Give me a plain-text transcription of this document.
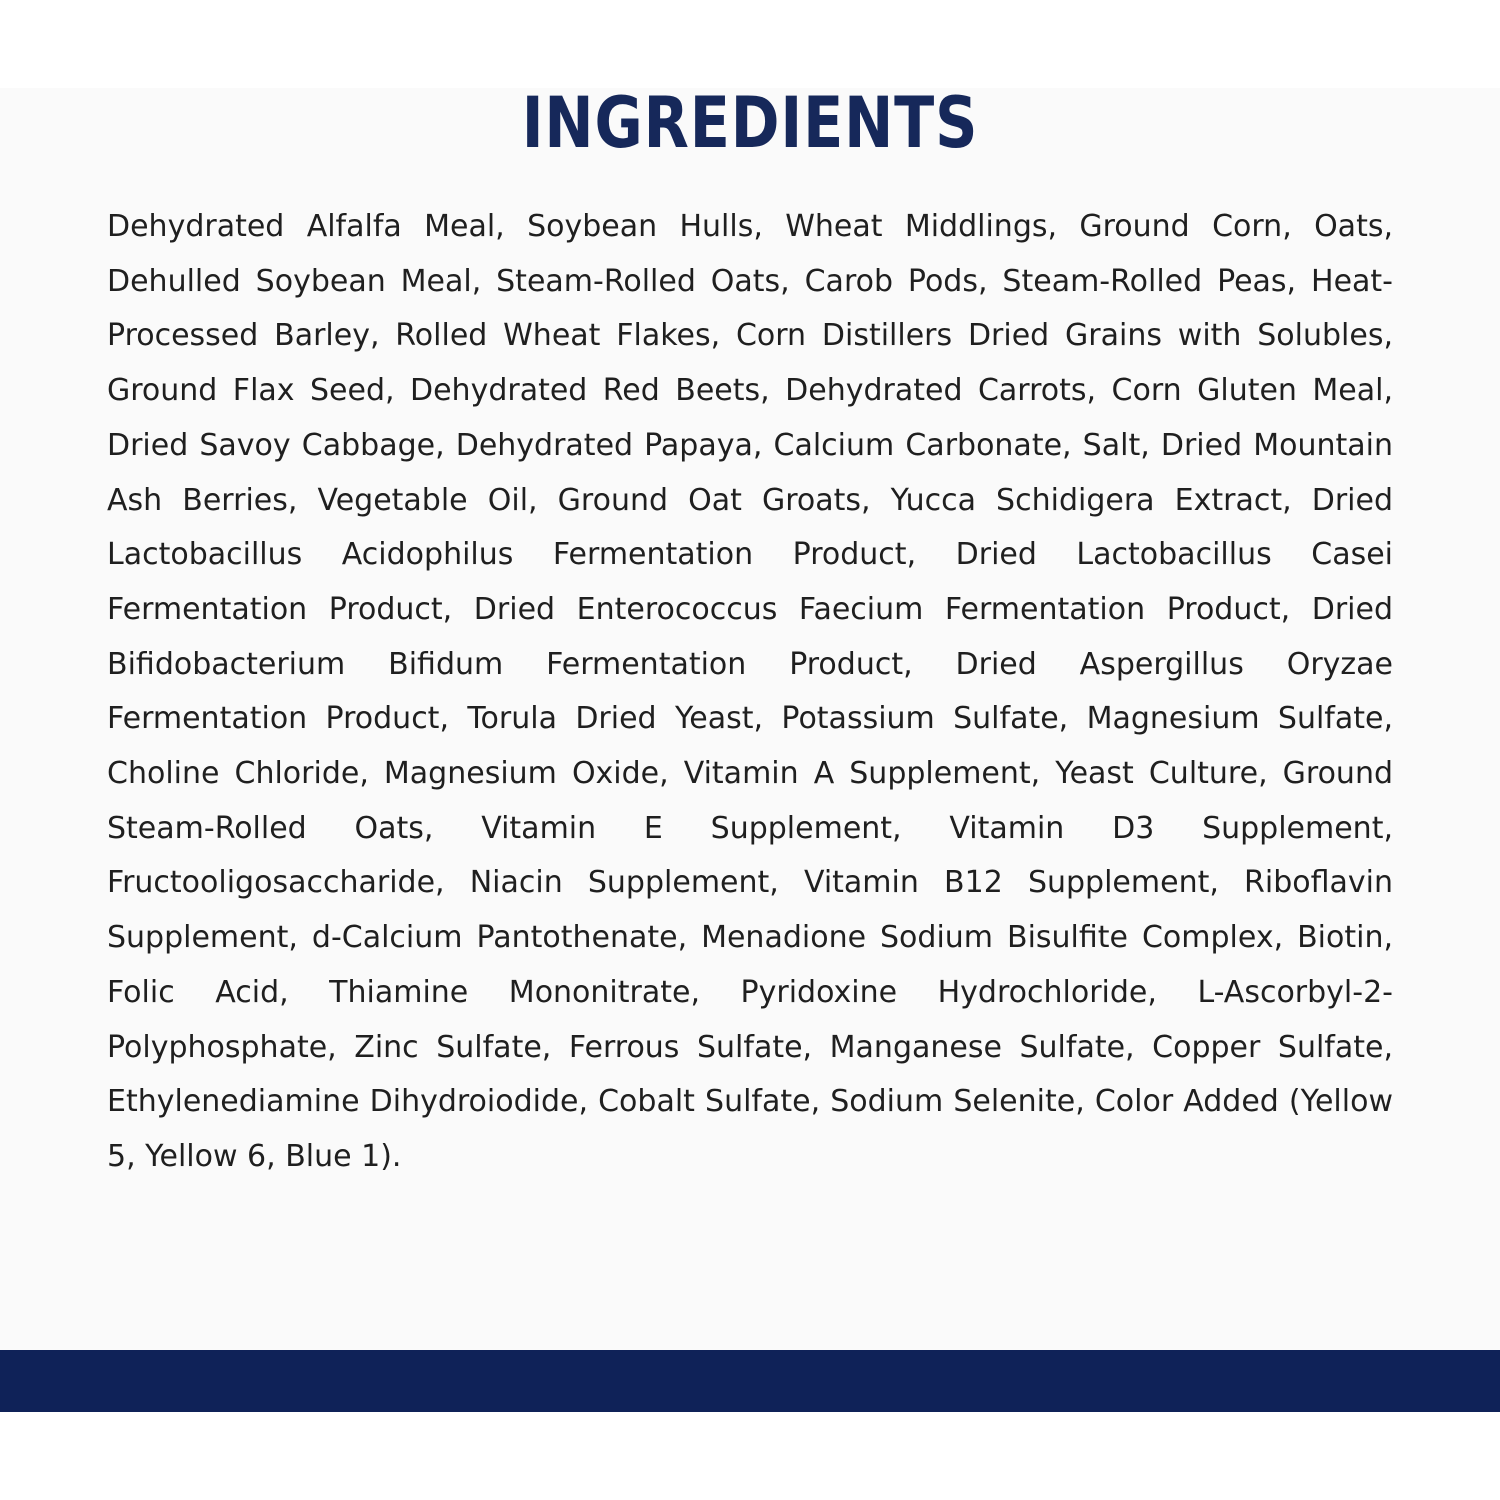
INGREDIENTS

Dehydrated Alfalfa Meal, Soybean Hulls, Wheat Middlings, Ground Corn, Oats, Dehulled Soybean Meal, Steam-Rolled Oats, Carob Pods, Steam-Rolled Peas, Heat-Processed Barley, Rolled Wheat Flakes, Corn Distillers Dried Grains with Solubles, Ground Flax Seed, Dehydrated Red Beets, Dehydrated Carrots, Corn Gluten Meal, Dried Savoy Cabbage, Dehydrated Papaya, Calcium Carbonate, Salt, Dried Mountain Ash Berries, Vegetable Oil, Ground Oat Groats, Yucca Schidigera Extract, Dried Lactobacillus Acidophilus Fermentation Product, Dried Lactobacillus Casei Fermentation Product, Dried Enterococcus Faecium Fermentation Product, Dried Bifidobacterium Bifidum Fermentation Product, Dried Aspergillus Oryzae Fermentation Product, Torula Dried Yeast, Potassium Sulfate, Magnesium Sulfate, Choline Chloride, Magnesium Oxide, Vitamin A Supplement, Yeast Culture, Ground Steam-Rolled Oats, Vitamin E Supplement, Vitamin D3 Supplement, Fructooligosaccharide, Niacin Supplement, Vitamin B12 Supplement, Riboflavin Supplement, d-Calcium Pantothenate, Menadione Sodium Bisulfite Complex, Biotin, Folic Acid, Thiamine Mononitrate, Pyridoxine Hydrochloride, L-Ascorbyl-2-Polyphosphate, Zinc Sulfate, Ferrous Sulfate, Manganese Sulfate, Copper Sulfate, Ethylenediamine Dihydroiodide, Cobalt Sulfate, Sodium Selenite, Color Added (Yellow 5, Yellow 6, Blue 1).
